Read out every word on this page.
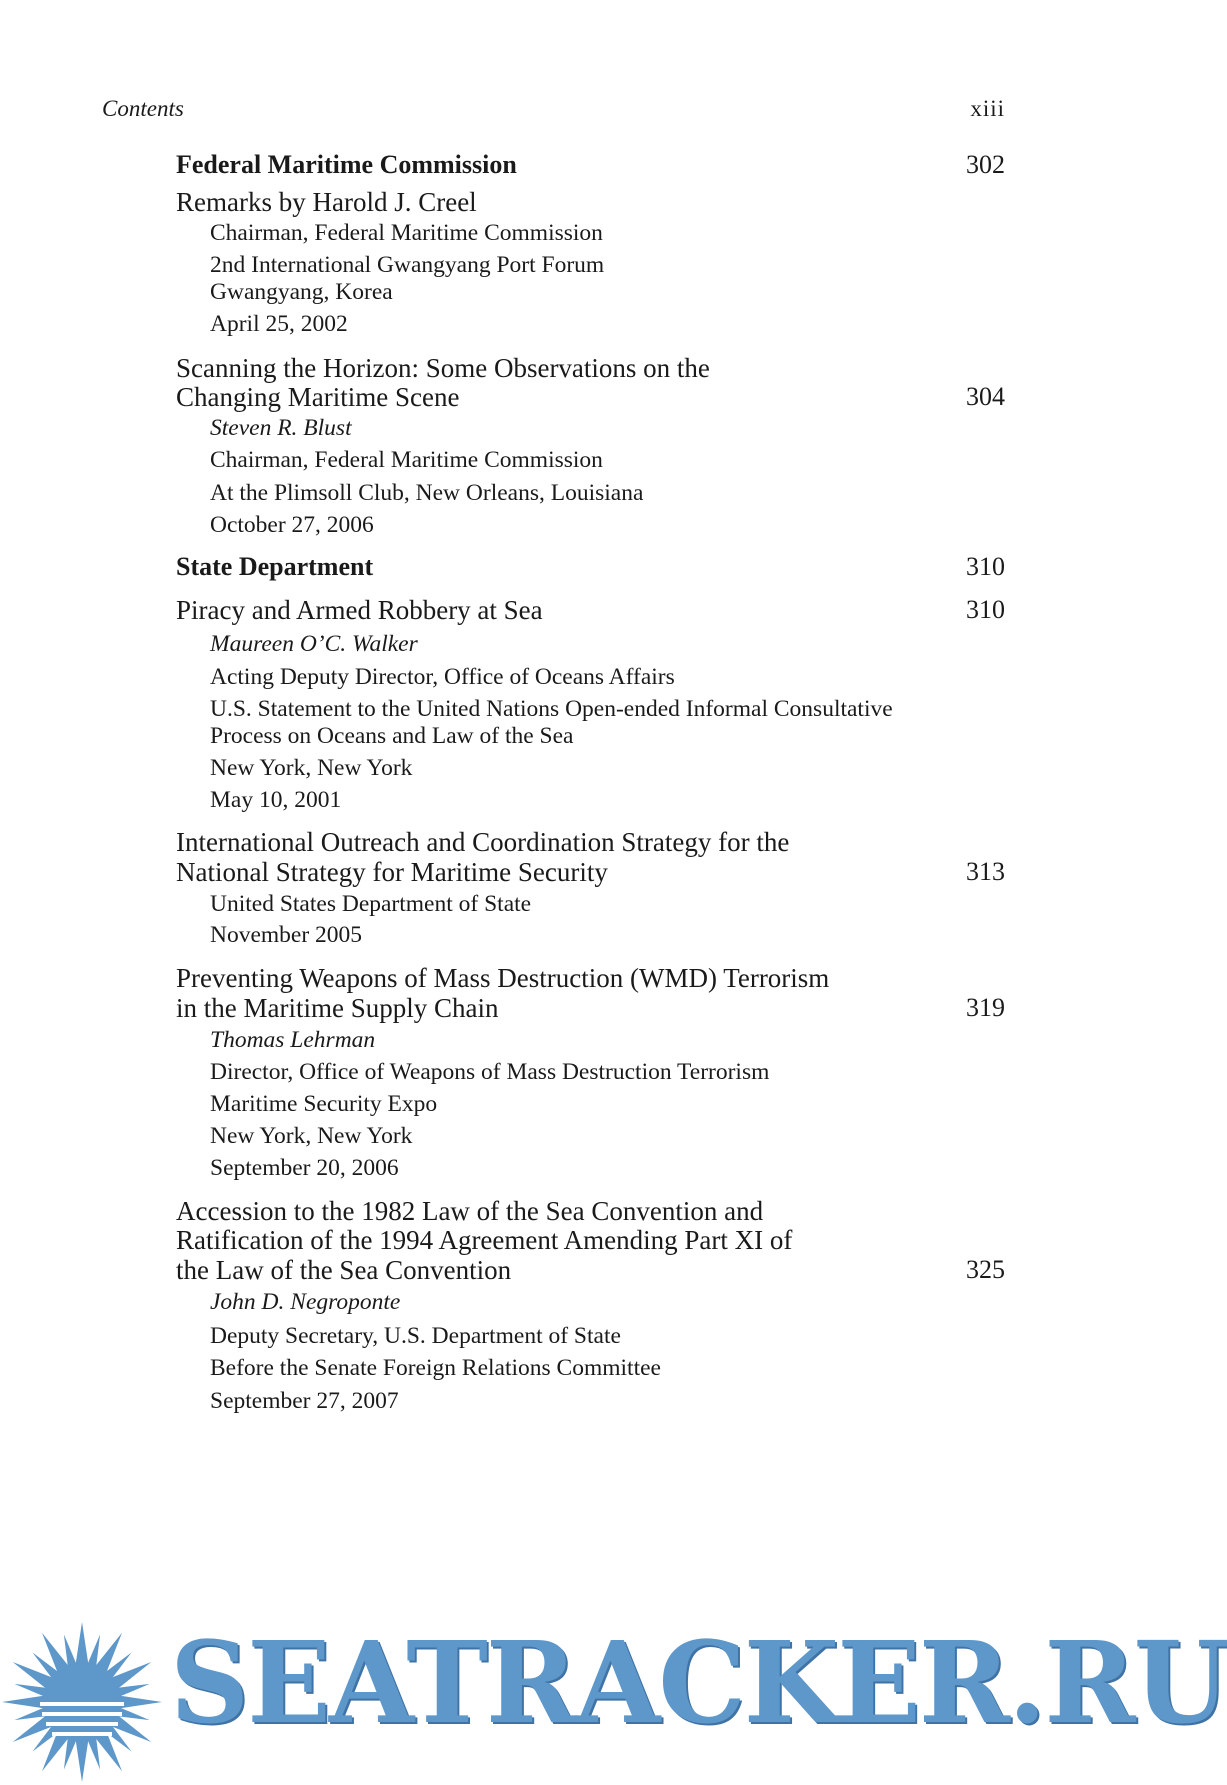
Contents	xiii
Federal Maritime Commission	302
Remarks by Harold J. Creel
Chairman, Federal Maritime Commission
2nd International Gwangyang Port Forum
Gwangyang, Korea
April 25, 2002
Scanning the Horizon: Some Observations on the
Changing Maritime Scene	304
Steven R. Blust
Chairman, Federal Maritime Commission
At the Plimsoll Club, New Orleans, Louisiana
October 27, 2006
State Department	310
Piracy and Armed Robbery at Sea	310
Maureen O’C. Walker
Acting Deputy Director, Office of Oceans Affairs
U.S. Statement to the United Nations Open-ended Informal Consultative
Process on Oceans and Law of the Sea
New York, New York
May 10, 2001
International Outreach and Coordination Strategy for the
National Strategy for Maritime Security	313
United States Department of State
November 2005
Preventing Weapons of Mass Destruction (WMD) Terrorism
in the Maritime Supply Chain	319
Thomas Lehrman
Director, Office of Weapons of Mass Destruction Terrorism
Maritime Security Expo
New York, New York
September 20, 2006
Accession to the 1982 Law of the Sea Convention and
Ratification of the 1994 Agreement Amending Part XI of
the Law of the Sea Convention	325
John D. Negroponte
Deputy Secretary, U.S. Department of State
Before the Senate Foreign Relations Committee
September 27, 2007
SEATRACKER.RU
